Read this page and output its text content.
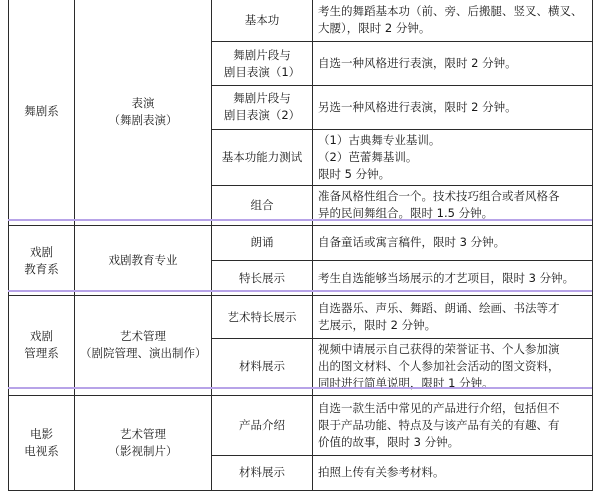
舞剧系	表演
（舞剧表演）	基本功	考生的舞蹈基本功（前、旁、后搬腿、竖叉、横叉、
大腰），限时 2 分钟。

		舞剧片段与
剧目表演（1）	自选一种风格进行表演，限时 2 分钟。

		舞剧片段与
剧目表演（2）	另选一种风格进行表演，限时 2 分钟。

		基本功能力测试	（1）古典舞专业基训。
（2）芭蕾舞基训。
限时 5 分钟。

		组合	准备风格性组合一个。技术技巧组合或者风格各
异的民间舞组合。限时 1.5 分钟。

戏剧
教育系	戏剧教育专业	朗诵	自备童话或寓言稿件，限时 3 分钟。

		特长展示	考生自选能够当场展示的才艺项目，限时 3 分钟。

戏剧
管理系	艺术管理
（剧院管理、演出制作）	艺术特长展示	自选器乐、声乐、舞蹈、朗诵、绘画、书法等才
艺展示，限时 2 分钟。

		材料展示	视频中请展示自己获得的荣誉证书、个人参加演
出的图文材料、个人参加社会活动的图文资料，
同时进行简单说明，限时 1 分钟。

电影
电视系	艺术管理
（影视制片）	产品介绍	自选一款生活中常见的产品进行介绍，包括但不
限于产品功能、特点及与该产品有关的有趣、有
价值的故事，限时 3 分钟。

		材料展示	拍照上传有关参考材料。
